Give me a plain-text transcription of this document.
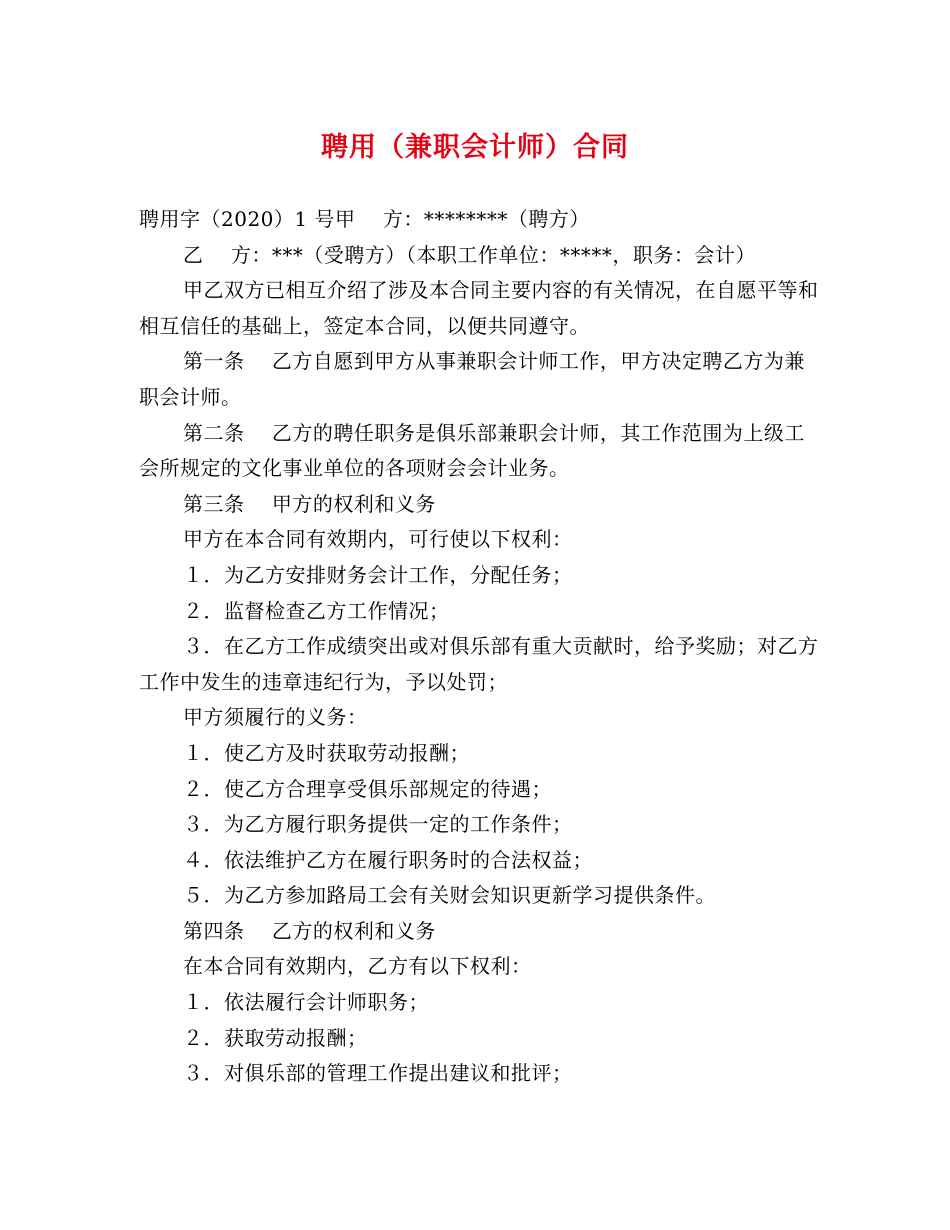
聘用（兼职会计师）合同

聘用字（2020）1 号甲　 方：********（聘方）

乙　 方：***（受聘方）（本职工作单位：*****，职务：会计）

甲乙双方已相互介绍了涉及本合同主要内容的有关情况，在自愿平等和相互信任的基础上，签定本合同，以便共同遵守。

第一条　 乙方自愿到甲方从事兼职会计师工作，甲方决定聘乙方为兼职会计师。

第二条　 乙方的聘任职务是俱乐部兼职会计师，其工作范围为上级工会所规定的文化事业单位的各项财会会计业务。

第三条　 甲方的权利和义务

甲方在本合同有效期内，可行使以下权利：

１．为乙方安排财务会计工作，分配任务；

２．监督检查乙方工作情况；

３．在乙方工作成绩突出或对俱乐部有重大贡献时，给予奖励；对乙方工作中发生的违章违纪行为，予以处罚；

甲方须履行的义务：

１．使乙方及时获取劳动报酬；

２．使乙方合理享受俱乐部规定的待遇；

３．为乙方履行职务提供一定的工作条件；

４．依法维护乙方在履行职务时的合法权益；

５．为乙方参加路局工会有关财会知识更新学习提供条件。

第四条　 乙方的权利和义务

在本合同有效期内，乙方有以下权利：

１．依法履行会计师职务；

２．获取劳动报酬；

３．对俱乐部的管理工作提出建议和批评；
